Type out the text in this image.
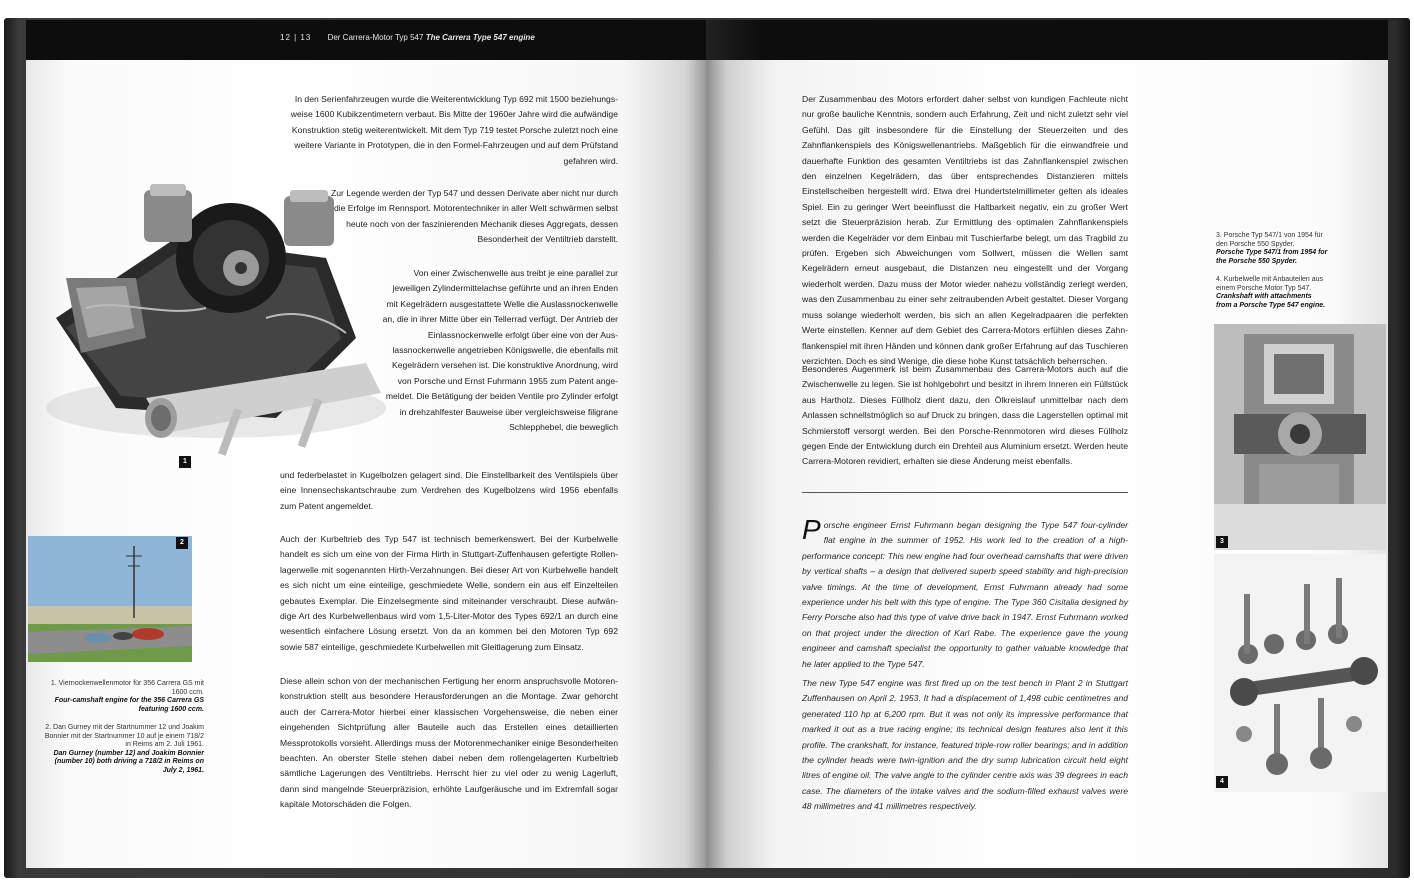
12 | 13 Der Carrera-Motor Typ 547 The Carrera Type 547 engine

In den Serienfahrzeugen wurde die Weiterentwicklung Typ 692 mit 1500 beziehungsweise 1600 Kubikzentimetern verbaut. Bis Mitte der 1960er Jahre wird die aufwändige Konstruktion stetig weiterentwickelt. Mit dem Typ 719 testet Porsche zuletzt noch eine weitere Variante in Prototypen, die in den Formel-Fahrzeugen und auf dem Prüfstand gefahren wird.

Zur Legende werden der Typ 547 und dessen Derivate aber nicht nur durch die Erfolge im Rennsport. Motorentechniker in aller Welt schwärmen selbst heute noch von der faszinierenden Mechanik dieses Aggregats, dessen Besonderheit der Ventiltrieb darstellt.

Von einer Zwischenwelle aus treibt je eine parallel zur jeweiligen Zylindermittelachse geführte und an ihren Enden mit Kegelrädern ausgestattete Welle die Auslassnockenwelle an, die in ihrer Mitte über ein Tellerrad verfügt. Der Antrieb der Einlassnockenwelle erfolgt über eine von der Auslassnockenwelle angetrieben Königswelle, die ebenfalls mit Kegelrädern versehen ist. Die konstruktive Anordnung, wird von Porsche und Ernst Fuhrmann 1955 zum Patent angemeldet. Die Betätigung der beiden Ventile pro Zylinder erfolgt in drehzahlfester Bauweise über vergleichsweise filigrane Schlepphebel, die beweglich

und federbelastet in Kugelbolzen gelagert sind. Die Einstellbarkeit des Ventilspiels über eine Innensechskantschraube zum Verdrehen des Kugelbolzens wird 1956 ebenfalls zum Patent angemeldet.

Auch der Kurbeltrieb des Typ 547 ist technisch bemerkenswert. Bei der Kurbelwelle handelt es sich um eine von der Firma Hirth in Stuttgart-Zuffenhausen gefertigte Rollenlagerwelle mit sogenannten Hirth-Verzahnungen. Bei dieser Art von Kurbelwelle handelt es sich nicht um eine einteilige, geschmiedete Welle, sondern ein aus elf Einzelteilen gebautes Exemplar. Die Einzelsegmente sind miteinander verschraubt. Diese aufwändige Art des Kurbelwellenbaus wird vom 1,5-Liter-Motor des Types 692/1 an durch eine wesentlich einfachere Lösung ersetzt. Von da an kommen bei den Motoren Typ 692 sowie 587 einteilige, geschmiedete Kurbelwellen mit Gleitlagerung zum Einsatz.

Diese allein schon von der mechanischen Fertigung her enorm anspruchsvolle Motorenkonstruktion stellt aus besondere Herausforderungen an die Montage. Zwar gehorcht auch der Carrera-Motor hierbei einer klassischen Vorgehensweise, die neben einer eingehenden Sichtprüfung aller Bauteile auch das Erstellen eines detaillierten Messprotokolls vorsieht. Allerdings muss der Motorenmechaniker einige Besonderheiten beachten. An oberster Stelle stehen dabei neben dem rollengelagerten Kurbeltrieb sämtliche Lagerungen des Ventiltriebs. Herrscht hier zu viel oder zu wenig Lagerluft, dann sind mangelnde Steuerpräzision, erhöhte Laufgeräusche und im Extremfall sogar kapitale Motorschäden die Folgen.

1
2

1. Viernockenwellenmotor für 356 Carrera GS mit 1600 ccm.
Four-camshaft engine for the 356 Carrera GS featuring 1600 ccm.

2. Dan Gurney mit der Startnummer 12 und Joakim Bonnier mit der Startnummer 10 auf je einem 718/2 in Reims am 2. Juli 1961.
Dan Gurney (number 12) and Joakim Bonnier (number 10) both driving a 718/2 in Reims on July 2, 1961.

Der Zusammenbau des Motors erfordert daher selbst von kundigen Fachleute nicht nur große bauliche Kenntnis, sondern auch Erfahrung, Zeit und nicht zuletzt sehr viel Gefühl. Das gilt insbesondere für die Einstellung der Steuerzeiten und des Zahnflankenspiels des Königswellenantriebs. Maßgeblich für die einwandfreie und dauerhafte Funktion des gesamten Ventiltriebs ist das Zahnflankenspiel zwischen den einzelnen Kegelrädern, das über entsprechendes Distanzieren mittels Einstellscheiben hergestellt wird. Etwa drei Hundertstelmillimeter gelten als ideales Spiel. Ein zu geringer Wert beeinflusst die Haltbarkeit negativ, ein zu großer Wert setzt die Steuerpräzision herab. Zur Ermittlung des optimalen Zahnflankenspiels werden die Kegelräder vor dem Einbau mit Tuschierfarbe belegt, um das Tragbild zu prüfen. Ergeben sich Abweichungen vom Sollwert, müssen die Wellen samt Kegelrädern erneut ausgebaut, die Distanzen neu eingestellt und der Vorgang wiederholt werden. Dazu muss der Motor wieder nahezu vollständig zerlegt werden, was den Zusammenbau zu einer sehr zeitraubenden Arbeit gestaltet. Dieser Vorgang muss solange wiederholt werden, bis sich an allen Kegelradpaaren die perfekten Werte einstellen. Kenner auf dem Gebiet des Carrera-Motors erfühlen dieses Zahnflankenspiel mit ihren Händen und können dank großer Erfahrung auf das Tuschieren verzichten. Doch es sind Wenige, die diese hohe Kunst tatsächlich beherrschen.

Besonderes Augenmerk ist beim Zusammenbau des Carrera-Motors auch auf die Zwischenwelle zu legen. Sie ist hohlgebohrt und besitzt in ihrem Inneren ein Füllstück aus Hartholz. Dieses Füllholz dient dazu, den Ölkreislauf unmittelbar nach dem Anlassen schnellstmöglich so auf Druck zu bringen, dass die Lagerstellen optimal mit Schmierstoff versorgt werden. Bei den Porsche-Rennmotoren wird dieses Füllholz gegen Ende der Entwicklung durch ein Drehteil aus Aluminium ersetzt. Werden heute Carrera-Motoren revidiert, erhalten sie diese Änderung meist ebenfalls.

Porsche engineer Ernst Fuhrmann began designing the Type 547 four-cylinder flat engine in the summer of 1952. His work led to the creation of a high-performance concept: This new engine had four overhead camshafts that were driven by vertical shafts – a design that delivered superb speed stability and high-precision valve timings. At the time of development, Ernst Fuhrmann already had some experience under his belt with this type of engine. The Type 360 Cisitalia designed by Ferry Porsche also had this type of valve drive back in 1947. Ernst Fuhrmann worked on that project under the direction of Karl Rabe. The experience gave the young engineer and camshaft specialist the opportunity to gather valuable knowledge that he later applied to the Type 547.

The new Type 547 engine was first fired up on the test bench in Plant 2 in Stuttgart Zuffenhausen on April 2, 1953. It had a displacement of 1,498 cubic centimetres and generated 110 hp at 6,200 rpm. But it was not only its impressive performance that marked it out as a true racing engine; its technical design features also lent it this profile. The crankshaft, for instance, featured triple-row roller bearings; and in addition the cylinder heads were twin-ignition and the dry sump lubrication circuit held eight litres of engine oil. The valve angle to the cylinder centre axis was 39 degrees in each case. The diameters of the intake valves and the sodium-filled exhaust valves were 48 millimetres and 41 millimetres respectively.

3. Porsche Typ 547/1 von 1954 für den Porsche 550 Spyder.
Porsche Type 547/1 from 1954 for the Porsche 550 Spyder.

4. Kurbelwelle mit Anbauteilen aus einem Porsche Motor Typ 547.
Crankshaft with attachments from a Porsche Type 547 engine.

3
4
